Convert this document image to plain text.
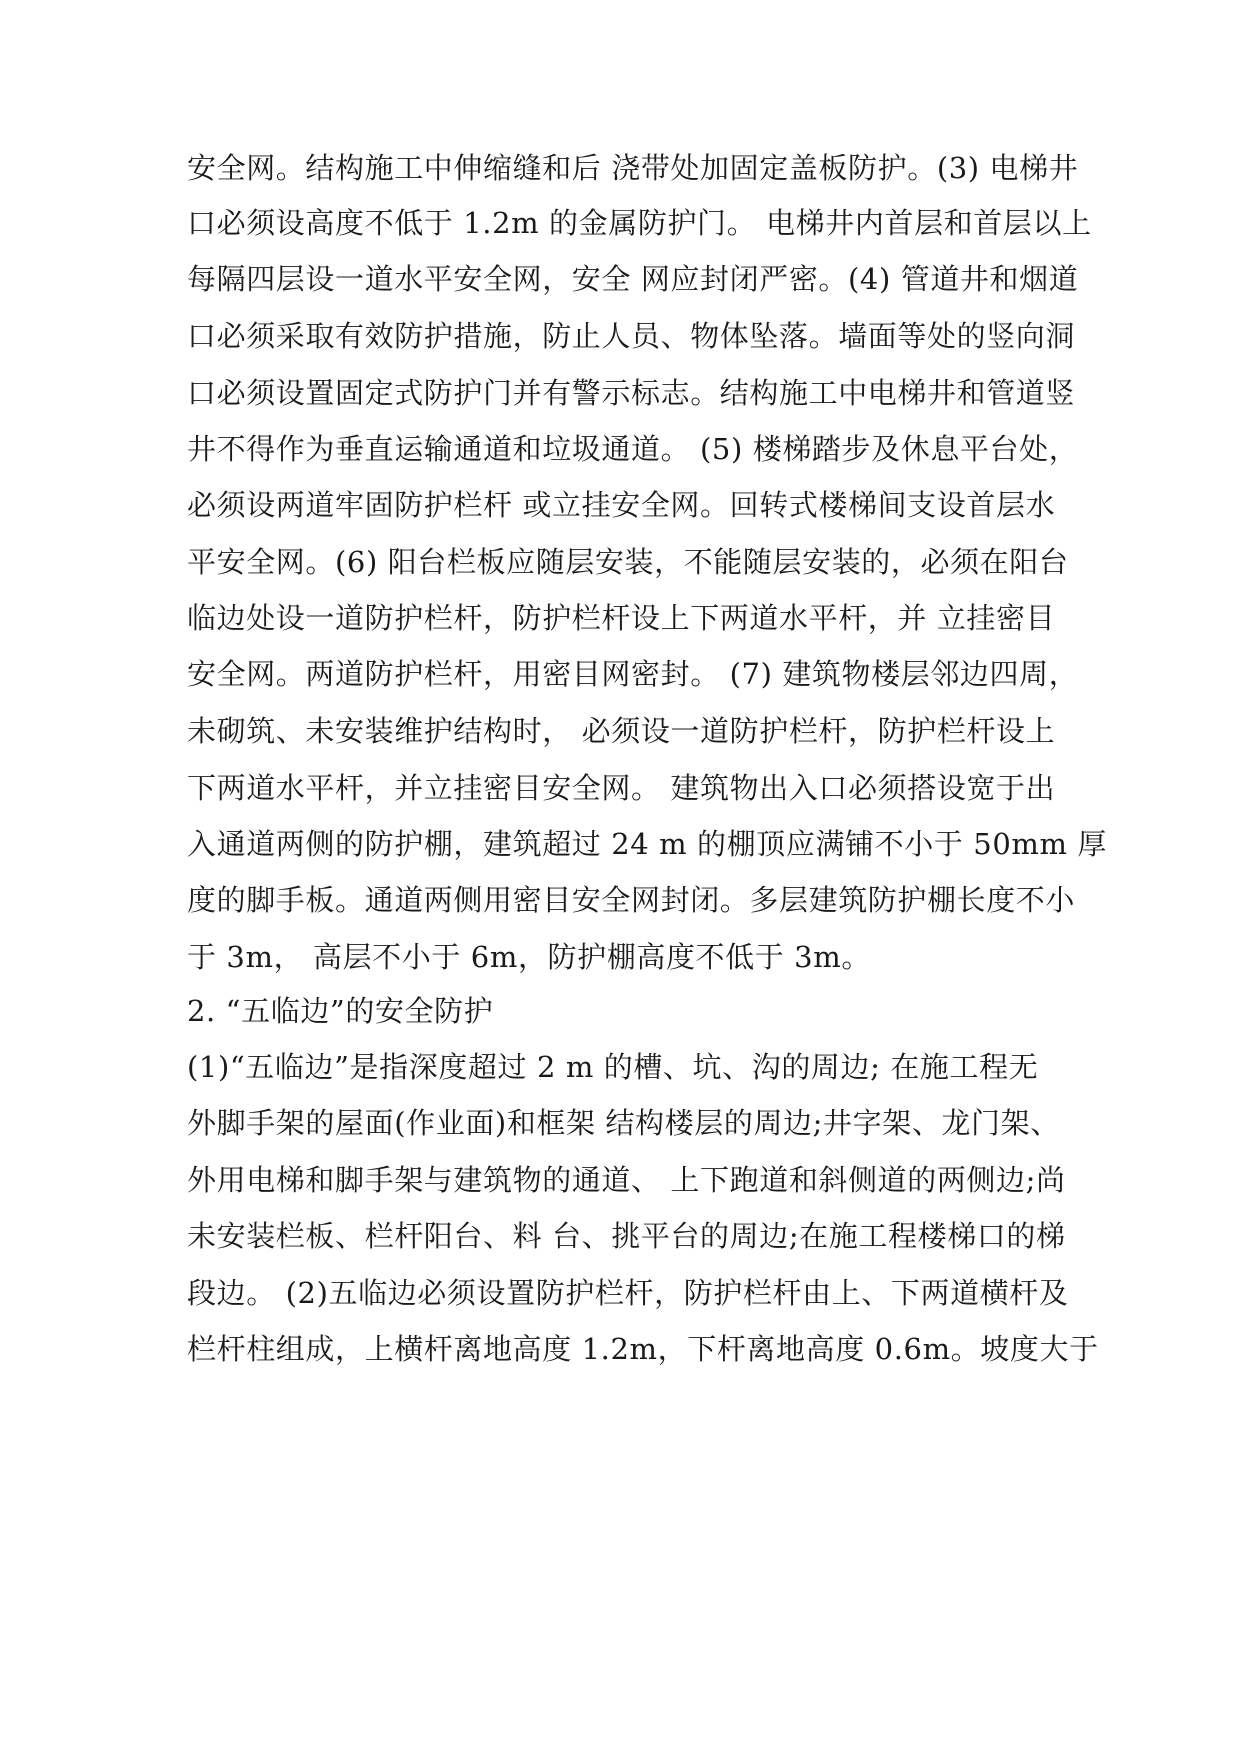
安全网。结构施工中伸缩缝和后 浇带处加固定盖板防护。(3) 电梯井
口必须设高度不低于 1.2m 的金属防护门。 电梯井内首层和首层以上
每隔四层设一道水平安全网，安全 网应封闭严密。(4) 管道井和烟道
口必须采取有效防护措施，防止人员、物体坠落。墙面等处的竖向洞
口必须设置固定式防护门并有警示标志。结构施工中电梯井和管道竖
井不得作为垂直运输通道和垃圾通道。 (5) 楼梯踏步及休息平台处，
必须设两道牢固防护栏杆 或立挂安全网。回转式楼梯间支设首层水
平安全网。(6) 阳台栏板应随层安装，不能随层安装的，必须在阳台
临边处设一道防护栏杆，防护栏杆设上下两道水平杆，并 立挂密目
安全网。两道防护栏杆，用密目网密封。 (7) 建筑物楼层邻边四周，
未砌筑、未安装维护结构时， 必须设一道防护栏杆，防护栏杆设上
下两道水平杆，并立挂密目安全网。 建筑物出入口必须搭设宽于出
入通道两侧的防护棚，建筑超过 24 m 的棚顶应满铺不小于 50mm 厚
度的脚手板。通道两侧用密目安全网封闭。多层建筑防护棚长度不小
于 3m， 高层不小于 6m，防护棚高度不低于 3m。
2. “五临边”的安全防护
(1)“五临边”是指深度超过 2 m 的槽、坑、沟的周边; 在施工程无
外脚手架的屋面(作业面)和框架 结构楼层的周边;井字架、龙门架、
外用电梯和脚手架与建筑物的通道、 上下跑道和斜侧道的两侧边;尚
未安装栏板、栏杆阳台、料 台、挑平台的周边;在施工程楼梯口的梯
段边。 (2)五临边必须设置防护栏杆，防护栏杆由上、下两道横杆及
栏杆柱组成，上横杆离地高度 1.2m，下杆离地高度 0.6m。坡度大于
